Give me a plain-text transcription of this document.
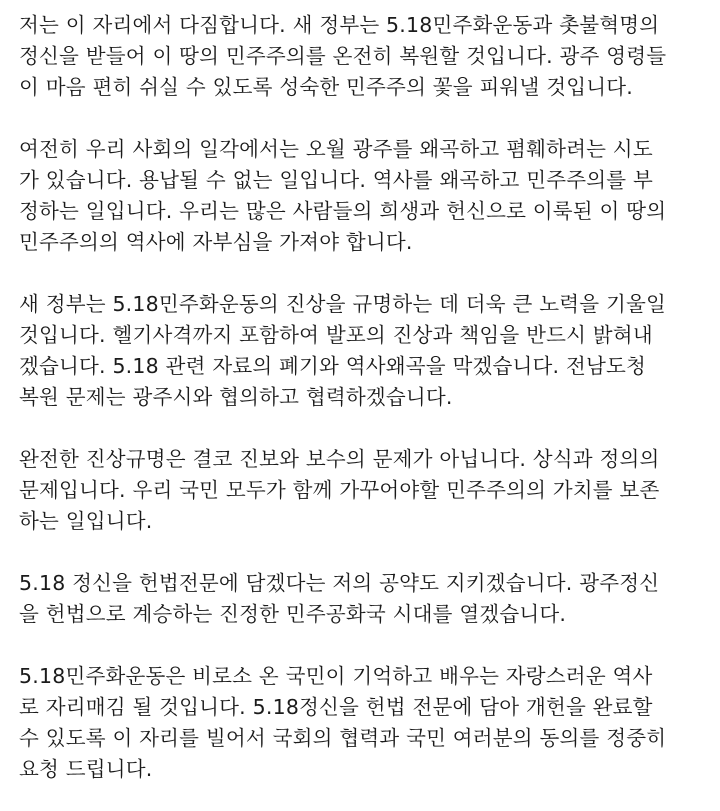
저는 이 자리에서 다짐합니다. 새 정부는 5.18민주화운동과 촛불혁명의
정신을 받들어 이 땅의 민주주의를 온전히 복원할 것입니다. 광주 영령들
이 마음 편히 쉬실 수 있도록 성숙한 민주주의 꽃을 피워낼 것입니다.
여전히 우리 사회의 일각에서는 오월 광주를 왜곡하고 폄훼하려는 시도
가 있습니다. 용납될 수 없는 일입니다. 역사를 왜곡하고 민주주의를 부
정하는 일입니다. 우리는 많은 사람들의 희생과 헌신으로 이룩된 이 땅의
민주주의의 역사에 자부심을 가져야 합니다.
새 정부는 5.18민주화운동의 진상을 규명하는 데 더욱 큰 노력을 기울일
것입니다. 헬기사격까지 포함하여 발포의 진상과 책임을 반드시 밝혀내
겠습니다. 5.18 관련 자료의 폐기와 역사왜곡을 막겠습니다. 전남도청
복원 문제는 광주시와 협의하고 협력하겠습니다.
완전한 진상규명은 결코 진보와 보수의 문제가 아닙니다. 상식과 정의의
문제입니다. 우리 국민 모두가 함께 가꾸어야할 민주주의의 가치를 보존
하는 일입니다.
5.18 정신을 헌법전문에 담겠다는 저의 공약도 지키겠습니다. 광주정신
을 헌법으로 계승하는 진정한 민주공화국 시대를 열겠습니다.
5.18민주화운동은 비로소 온 국민이 기억하고 배우는 자랑스러운 역사
로 자리매김 될 것입니다. 5.18정신을 헌법 전문에 담아 개헌을 완료할
수 있도록 이 자리를 빌어서 국회의 협력과 국민 여러분의 동의를 정중히
요청 드립니다.
